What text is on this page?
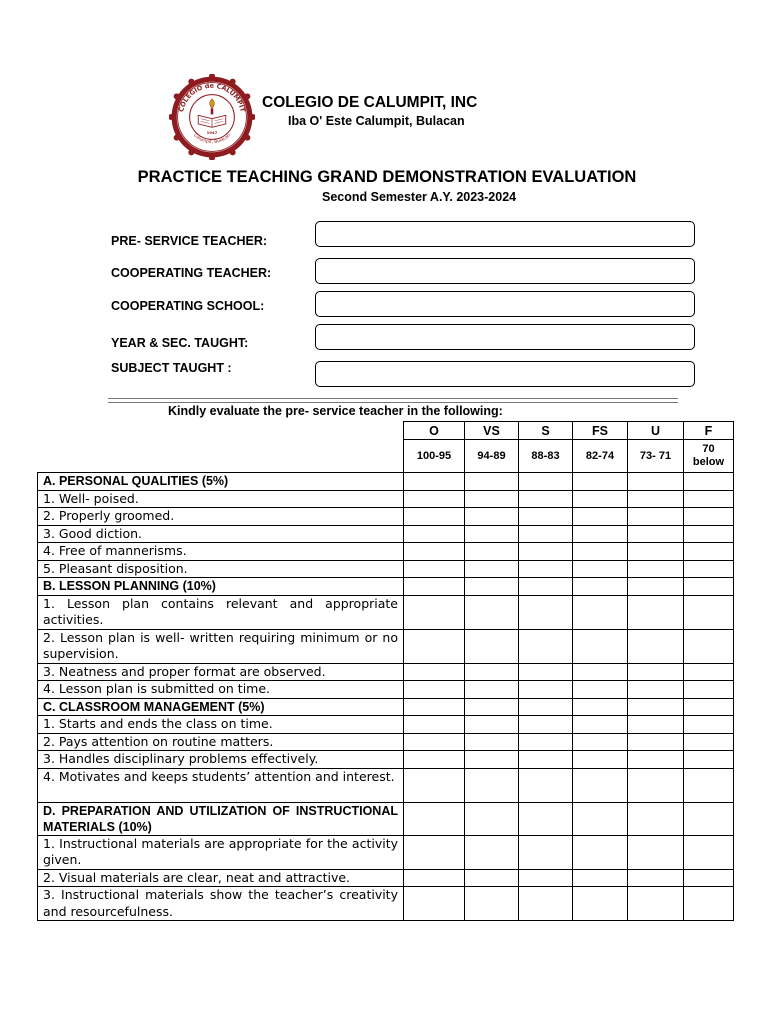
COLEGIO de CALUMPIT
Calumpit, Bulacan
1947
COLEGIO DE CALUMPIT, INC
Iba O' Este Calumpit, Bulacan
PRACTICE TEACHING GRAND DEMONSTRATION EVALUATION
Second Semester A.Y. 2023-2024
PRE- SERVICE TEACHER:
COOPERATING TEACHER:
COOPERATING SCHOOL:
YEAR & SEC. TAUGHT:
SUBJECT TAUGHT :
Kindly evaluate the pre- service teacher in the following:
	O	VS	S	FS	U	F
	100-95	94-89	88-83	82-74	73- 71	70 below
A. PERSONAL QUALITIES (5%)						
1. Well- poised.						
2. Properly groomed.						
3. Good diction.						
4. Free of mannerisms.						
5. Pleasant disposition.						
B. LESSON PLANNING (10%)						
1. Lesson plan contains relevant and appropriate activities.						
2. Lesson plan is well- written requiring minimum or no supervision.						
3. Neatness and proper format are observed.						
4. Lesson plan is submitted on time.						
C. CLASSROOM MANAGEMENT (5%)						
1. Starts and ends the class on time.						
2. Pays attention on routine matters.						
3. Handles disciplinary problems effectively.						
4. Motivates and keeps students’ attention and interest.						
D. PREPARATION AND UTILIZATION OF INSTRUCTIONAL MATERIALS (10%)						
1. Instructional materials are appropriate for the activity given.						
2. Visual materials are clear, neat and attractive.						
3. Instructional materials show the teacher’s creativity and resourcefulness.						
